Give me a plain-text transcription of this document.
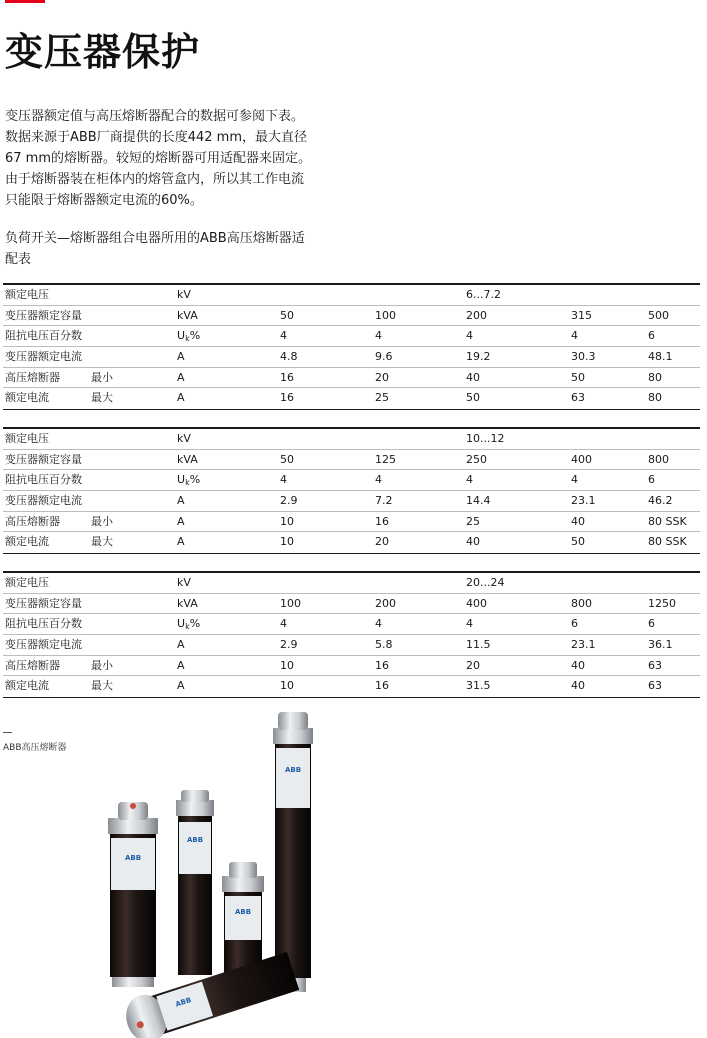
变压器保护

变压器额定值与高压熔断器配合的数据可参阅下表。

数据来源于ABB厂商提供的长度442 mm，最大直径

67 mm的熔断器。较短的熔断器可用适配器来固定。

由于熔断器装在柜体内的熔管盒内，所以其工作电流

只能限于熔断器额定电流的60%。

负荷开关—熔断器组合电器所用的ABB高压熔断器适

配表

额定电压	kV	6...7.2
变压器额定容量	kVA	50	100	200	315	500
阻抗电压百分数	Uk%	4	4	4	4	6
变压器额定电流	A	4.8	9.6	19.2	30.3	48.1
高压熔断器	最小	A	16	20	40	50	80
额定电流	最大	A	16	25	50	63	80
额定电压	kV	10...12
变压器额定容量	kVA	50	125	250	400	800
阻抗电压百分数	Uk%	4	4	4	4	6
变压器额定电流	A	2.9	7.2	14.4	23.1	46.2
高压熔断器	最小	A	10	16	25	40	80 SSK
额定电流	最大	A	10	20	40	50	80 SSK
额定电压	kV	20...24
变压器额定容量	kVA	100	200	400	800	1250
阻抗电压百分数	Uk%	4	4	4	6	6
变压器额定电流	A	2.9	5.8	11.5	23.1	36.1
高压熔断器	最小	A	10	16	20	40	63
额定电流	最大	A	10	16	31.5	40	63
ABB高压熔断器
ABB
ABB
ABB
ABB
ABB
